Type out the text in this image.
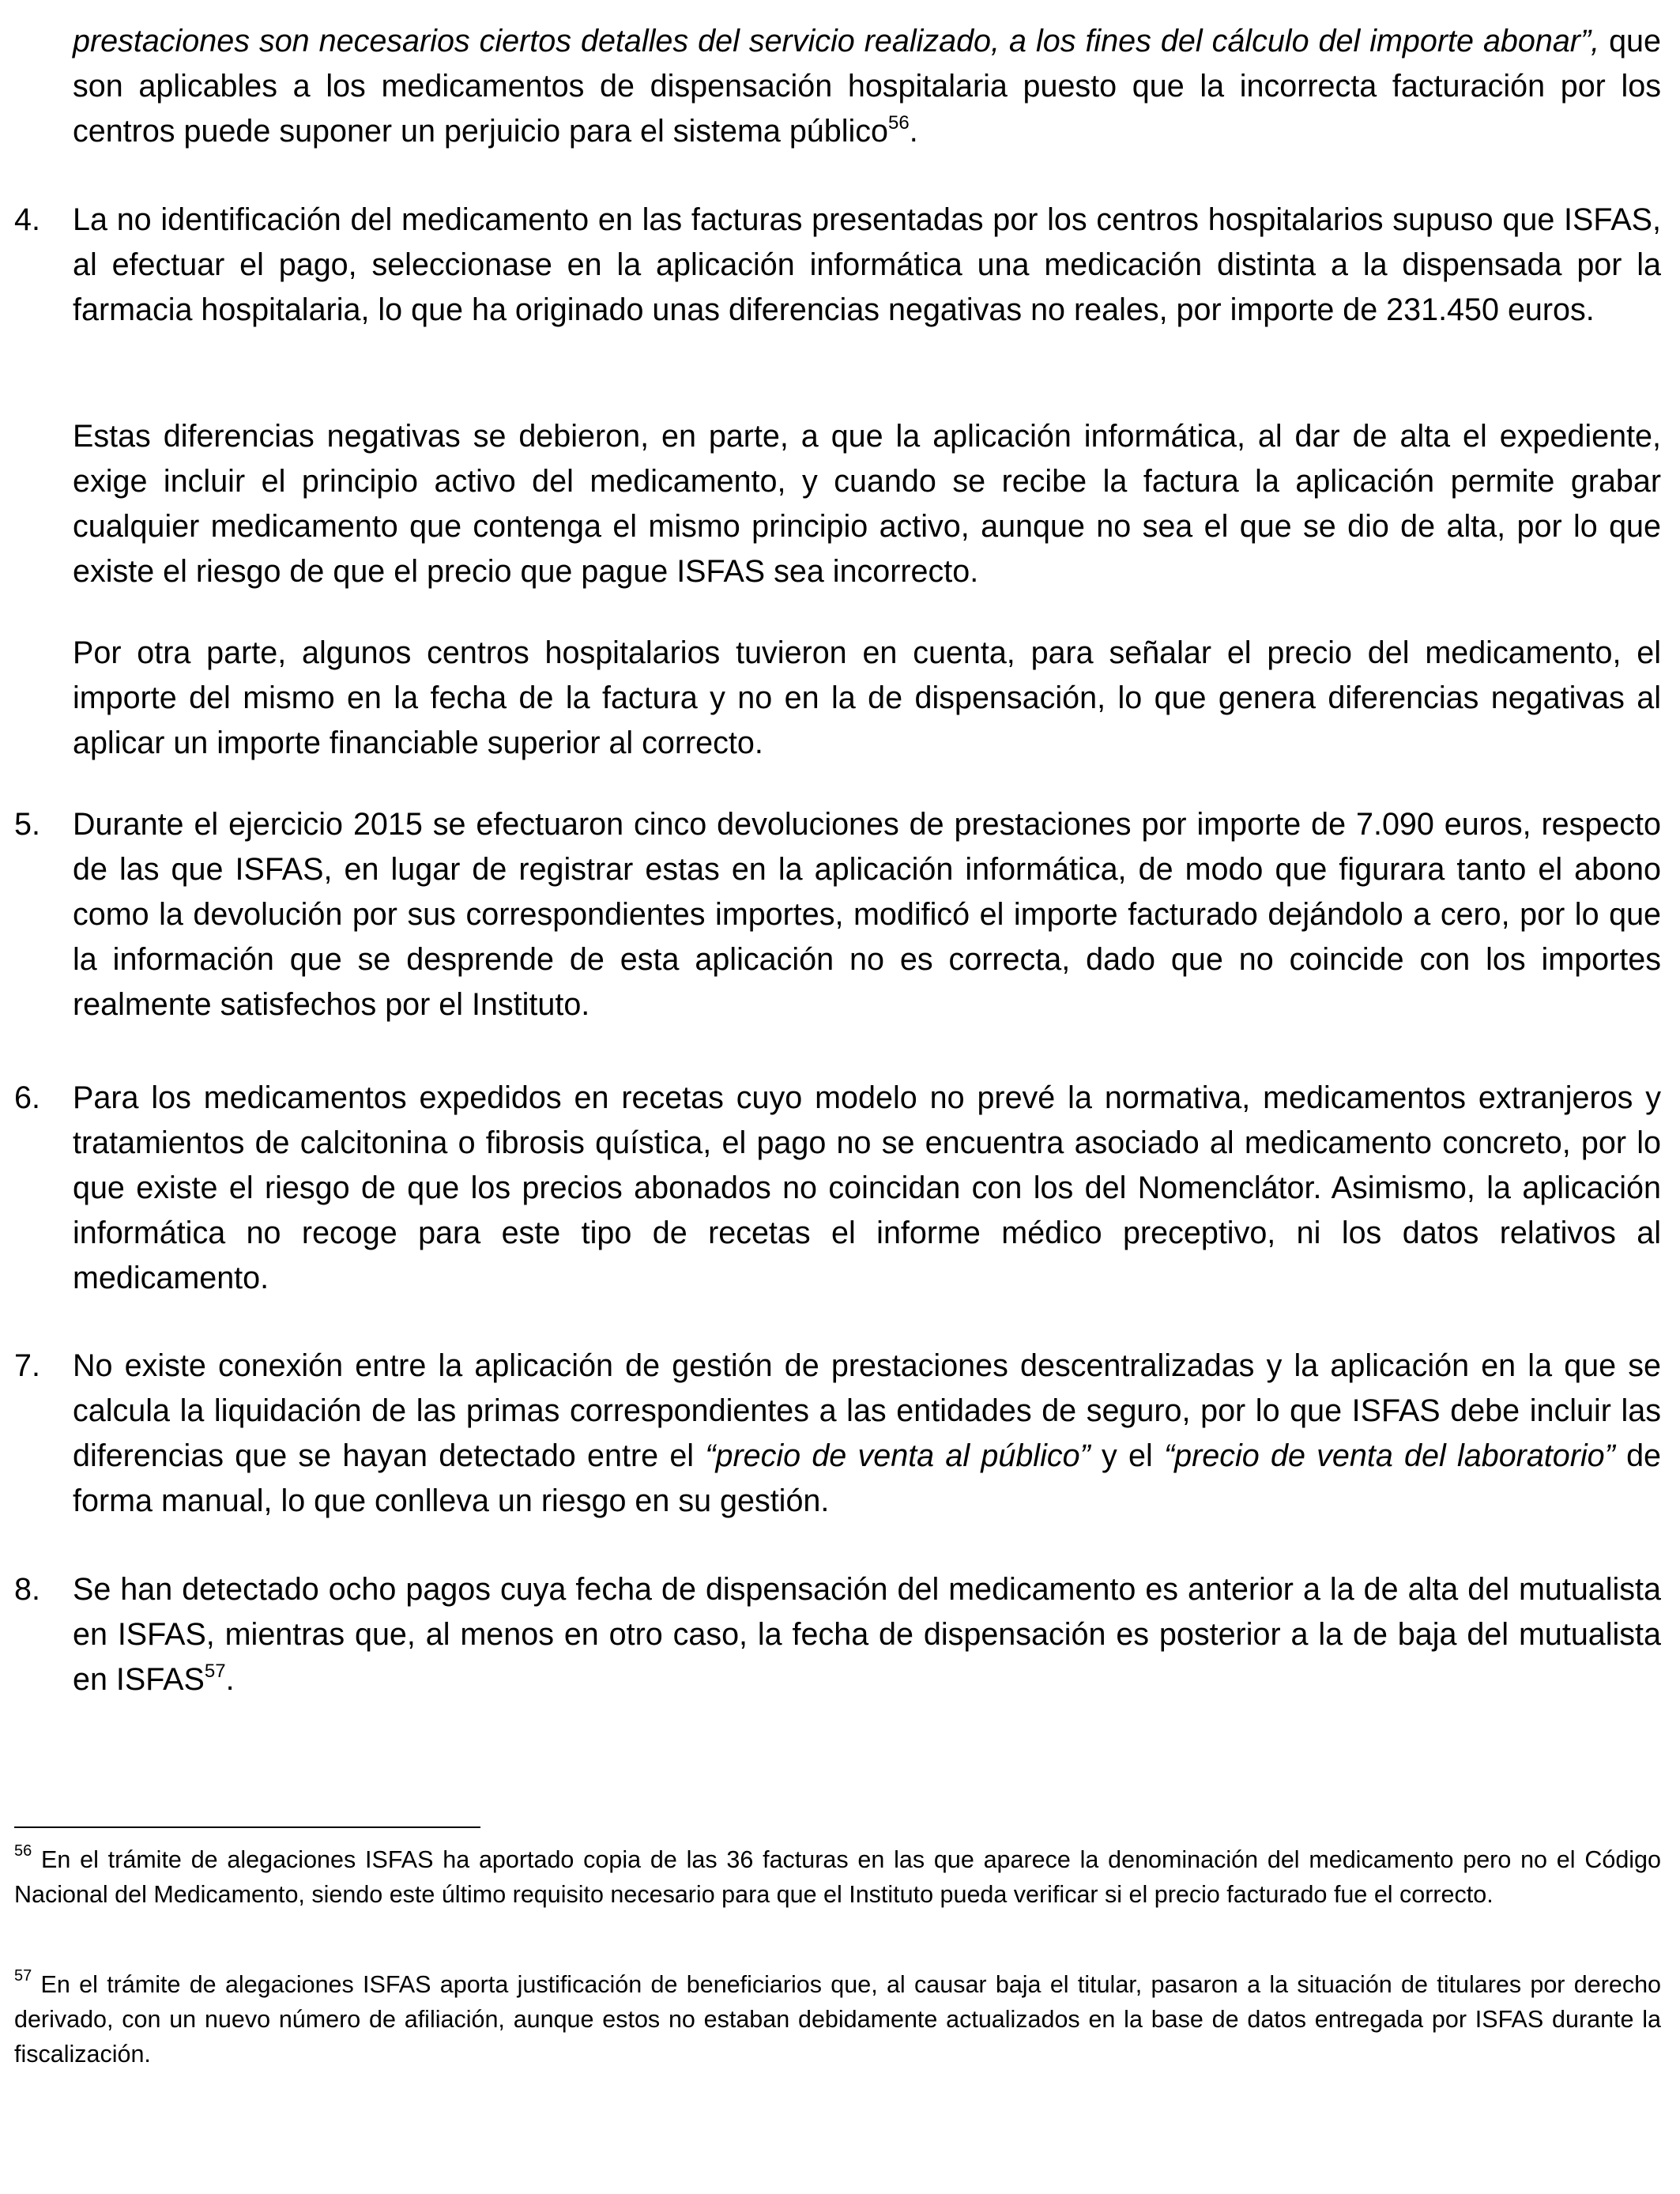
prestaciones son necesarios ciertos detalles del servicio realizado, a los fines del cálculo del importe abonar”, que son aplicables a los medicamentos de dispensación hospitalaria puesto que la incorrecta facturación por los centros puede suponer un perjuicio para el sistema público$^{56}$.

4. La no identificación del medicamento en las facturas presentadas por los centros hospitalarios supuso que ISFAS, al efectuar el pago, seleccionase en la aplicación informática una medicación distinta a la dispensada por la farmacia hospitalaria, lo que ha originado unas diferencias negativas no reales, por importe de 231.450 euros.

Estas diferencias negativas se debieron, en parte, a que la aplicación informática, al dar de alta el expediente, exige incluir el principio activo del medicamento, y cuando se recibe la factura la aplicación permite grabar cualquier medicamento que contenga el mismo principio activo, aunque no sea el que se dio de alta, por lo que existe el riesgo de que el precio que pague ISFAS sea incorrecto.

Por otra parte, algunos centros hospitalarios tuvieron en cuenta, para señalar el precio del medicamento, el importe del mismo en la fecha de la factura y no en la de dispensación, lo que genera diferencias negativas al aplicar un importe financiable superior al correcto.

5. Durante el ejercicio 2015 se efectuaron cinco devoluciones de prestaciones por importe de 7.090 euros, respecto de las que ISFAS, en lugar de registrar estas en la aplicación informática, de modo que figurara tanto el abono como la devolución por sus correspondientes importes, modificó el importe facturado dejándolo a cero, por lo que la información que se desprende de esta aplicación no es correcta, dado que no coincide con los importes realmente satisfechos por el Instituto.

6. Para los medicamentos expedidos en recetas cuyo modelo no prevé la normativa, medicamentos extranjeros y tratamientos de calcitonina o fibrosis quística, el pago no se encuentra asociado al medicamento concreto, por lo que existe el riesgo de que los precios abonados no coincidan con los del Nomenclátor. Asimismo, la aplicación informática no recoge para este tipo de recetas el informe médico preceptivo, ni los datos relativos al medicamento.

7. No existe conexión entre la aplicación de gestión de prestaciones descentralizadas y la aplicación en la que se calcula la liquidación de las primas correspondientes a las entidades de seguro, por lo que ISFAS debe incluir las diferencias que se hayan detectado entre el “precio de venta al público” y el “precio de venta del laboratorio” de forma manual, lo que conlleva un riesgo en su gestión.

8. Se han detectado ocho pagos cuya fecha de dispensación del medicamento es anterior a la de alta del mutualista en ISFAS, mientras que, al menos en otro caso, la fecha de dispensación es posterior a la de baja del mutualista en ISFAS$^{57}$.

$^{56}$ En el trámite de alegaciones ISFAS ha aportado copia de las 36 facturas en las que aparece la denominación del medicamento pero no el Código Nacional del Medicamento, siendo este último requisito necesario para que el Instituto pueda verificar si el precio facturado fue el correcto.

$^{57}$ En el trámite de alegaciones ISFAS aporta justificación de beneficiarios que, al causar baja el titular, pasaron a la situación de titulares por derecho derivado, con un nuevo número de afiliación, aunque estos no estaban debidamente actualizados en la base de datos entregada por ISFAS durante la fiscalización.
